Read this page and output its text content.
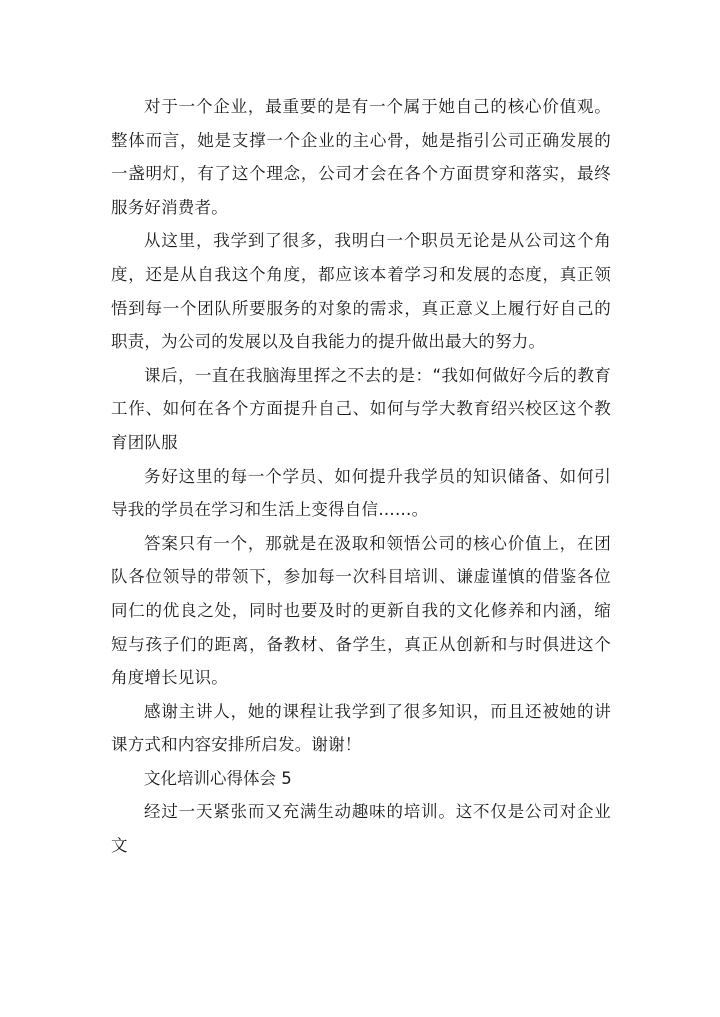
对于一个企业，最重要的是有一个属于她自己的核心价值观。整体而言，她是支撑一个企业的主心骨，她是指引公司正确发展的一盏明灯，有了这个理念，公司才会在各个方面贯穿和落实，最终服务好消费者。

从这里，我学到了很多，我明白一个职员无论是从公司这个角度，还是从自我这个角度，都应该本着学习和发展的态度，真正领悟到每一个团队所要服务的对象的需求，真正意义上履行好自己的职责，为公司的发展以及自我能力的提升做出最大的努力。

课后，一直在我脑海里挥之不去的是：“我如何做好今后的教育工作、如何在各个方面提升自己、如何与学大教育绍兴校区这个教育团队服

务好这里的每一个学员、如何提升我学员的知识储备、如何引导我的学员在学习和生活上变得自信……。

答案只有一个，那就是在汲取和领悟公司的核心价值上，在团队各位领导的带领下，参加每一次科目培训、谦虚谨慎的借鉴各位同仁的优良之处，同时也要及时的更新自我的文化修养和内涵，缩短与孩子们的距离，备教材、备学生，真正从创新和与时俱进这个角度增长见识。

感谢主讲人，她的课程让我学到了很多知识，而且还被她的讲课方式和内容安排所启发。谢谢！

文化培训心得体会 5

经过一天紧张而又充满生动趣味的培训。这不仅是公司对企业文
